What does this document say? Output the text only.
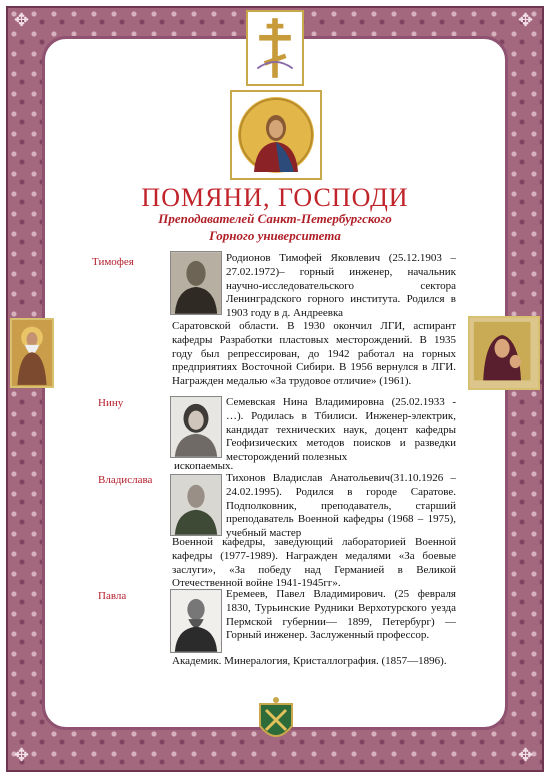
✥	✥
✥	✥
ПОМЯНИ, ГОСПОДИ
Преподавателей Санкт-Петербургского
Горного университета
Тимофея	Родионов Тимофей Яковлевич (25.12.1903 – 27.02.1972)– горный инженер, начальник научно-исследовательского сектора Ленинградского горного института. Родился в 1903 году в д. Андреевка
Саратовской области. В 1930 окончил ЛГИ, аспирант кафедры Разработки пластовых месторождений. В 1935 году был репрессирован, до 1942 работал на горных предприятиях Восточной Сибири. В 1956 вернулся в ЛГИ. Награжден медалью «За трудовое отличие» (1961).
Нину	Семевская Нина Владимировна (25.02.1933 - …). Родилась в Тбилиси. Инженер-электрик, кандидат технических наук, доцент кафедры Геофизических методов поисков и разведки месторождений полезных
ископаемых.
Владислава	Тихонов Владислав Анатольевич(31.10.1926 – 24.02.1995). Родился в городе Саратове. Подполковник, преподаватель, старший преподаватель Военной кафедры (1968 – 1975), учебный мастер
Военной кафедры, заведующий лабораторией Военной кафедры (1977-1989). Награжден медалями «За боевые заслуги», «За победу над Германией в Великой Отечественной войне 1941-1945гг».
Павла	Еремеев, Павел Владимирович. (25 февраля 1830, Турьинские Рудники Верхотурского уезда Пермской губернии— 1899, Петербург) —Горный инженер. Заслуженный профессор.
Академик. Минералогия, Кристаллография. (1857—1896).
